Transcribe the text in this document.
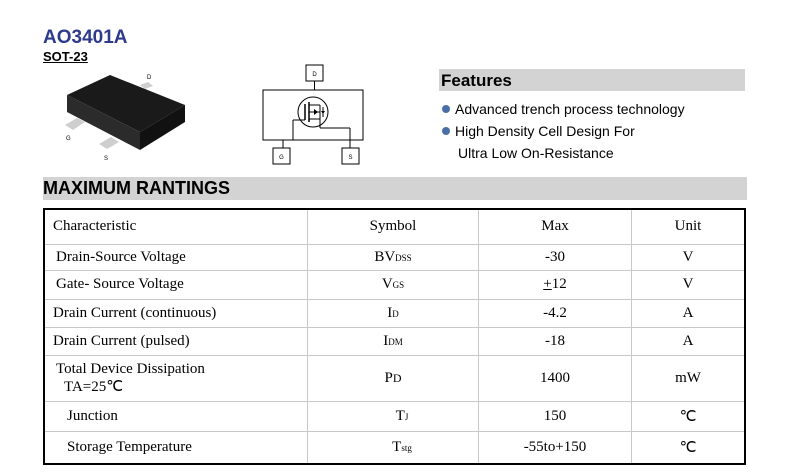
AO3401A
SOT-23
D
G
S
D
G	S
Features
Advanced trench process technology
High Density Cell Design For
Ultra Low On-Resistance
MAXIMUM RANTINGS
Characteristic	Symbol	Max	Unit
Drain-Source Voltage	BVDSS	-30	V
Gate- Source Voltage	VGS	+12	V
Drain Current (continuous)	ID	-4.2	A
Drain Current (pulsed)	IDM	-18	A

Total Device Dissipation
TA=25℃	PD	1400	mW
Junction	TJ	150	℃
Storage Temperature	Tstg	-55to+150	℃
